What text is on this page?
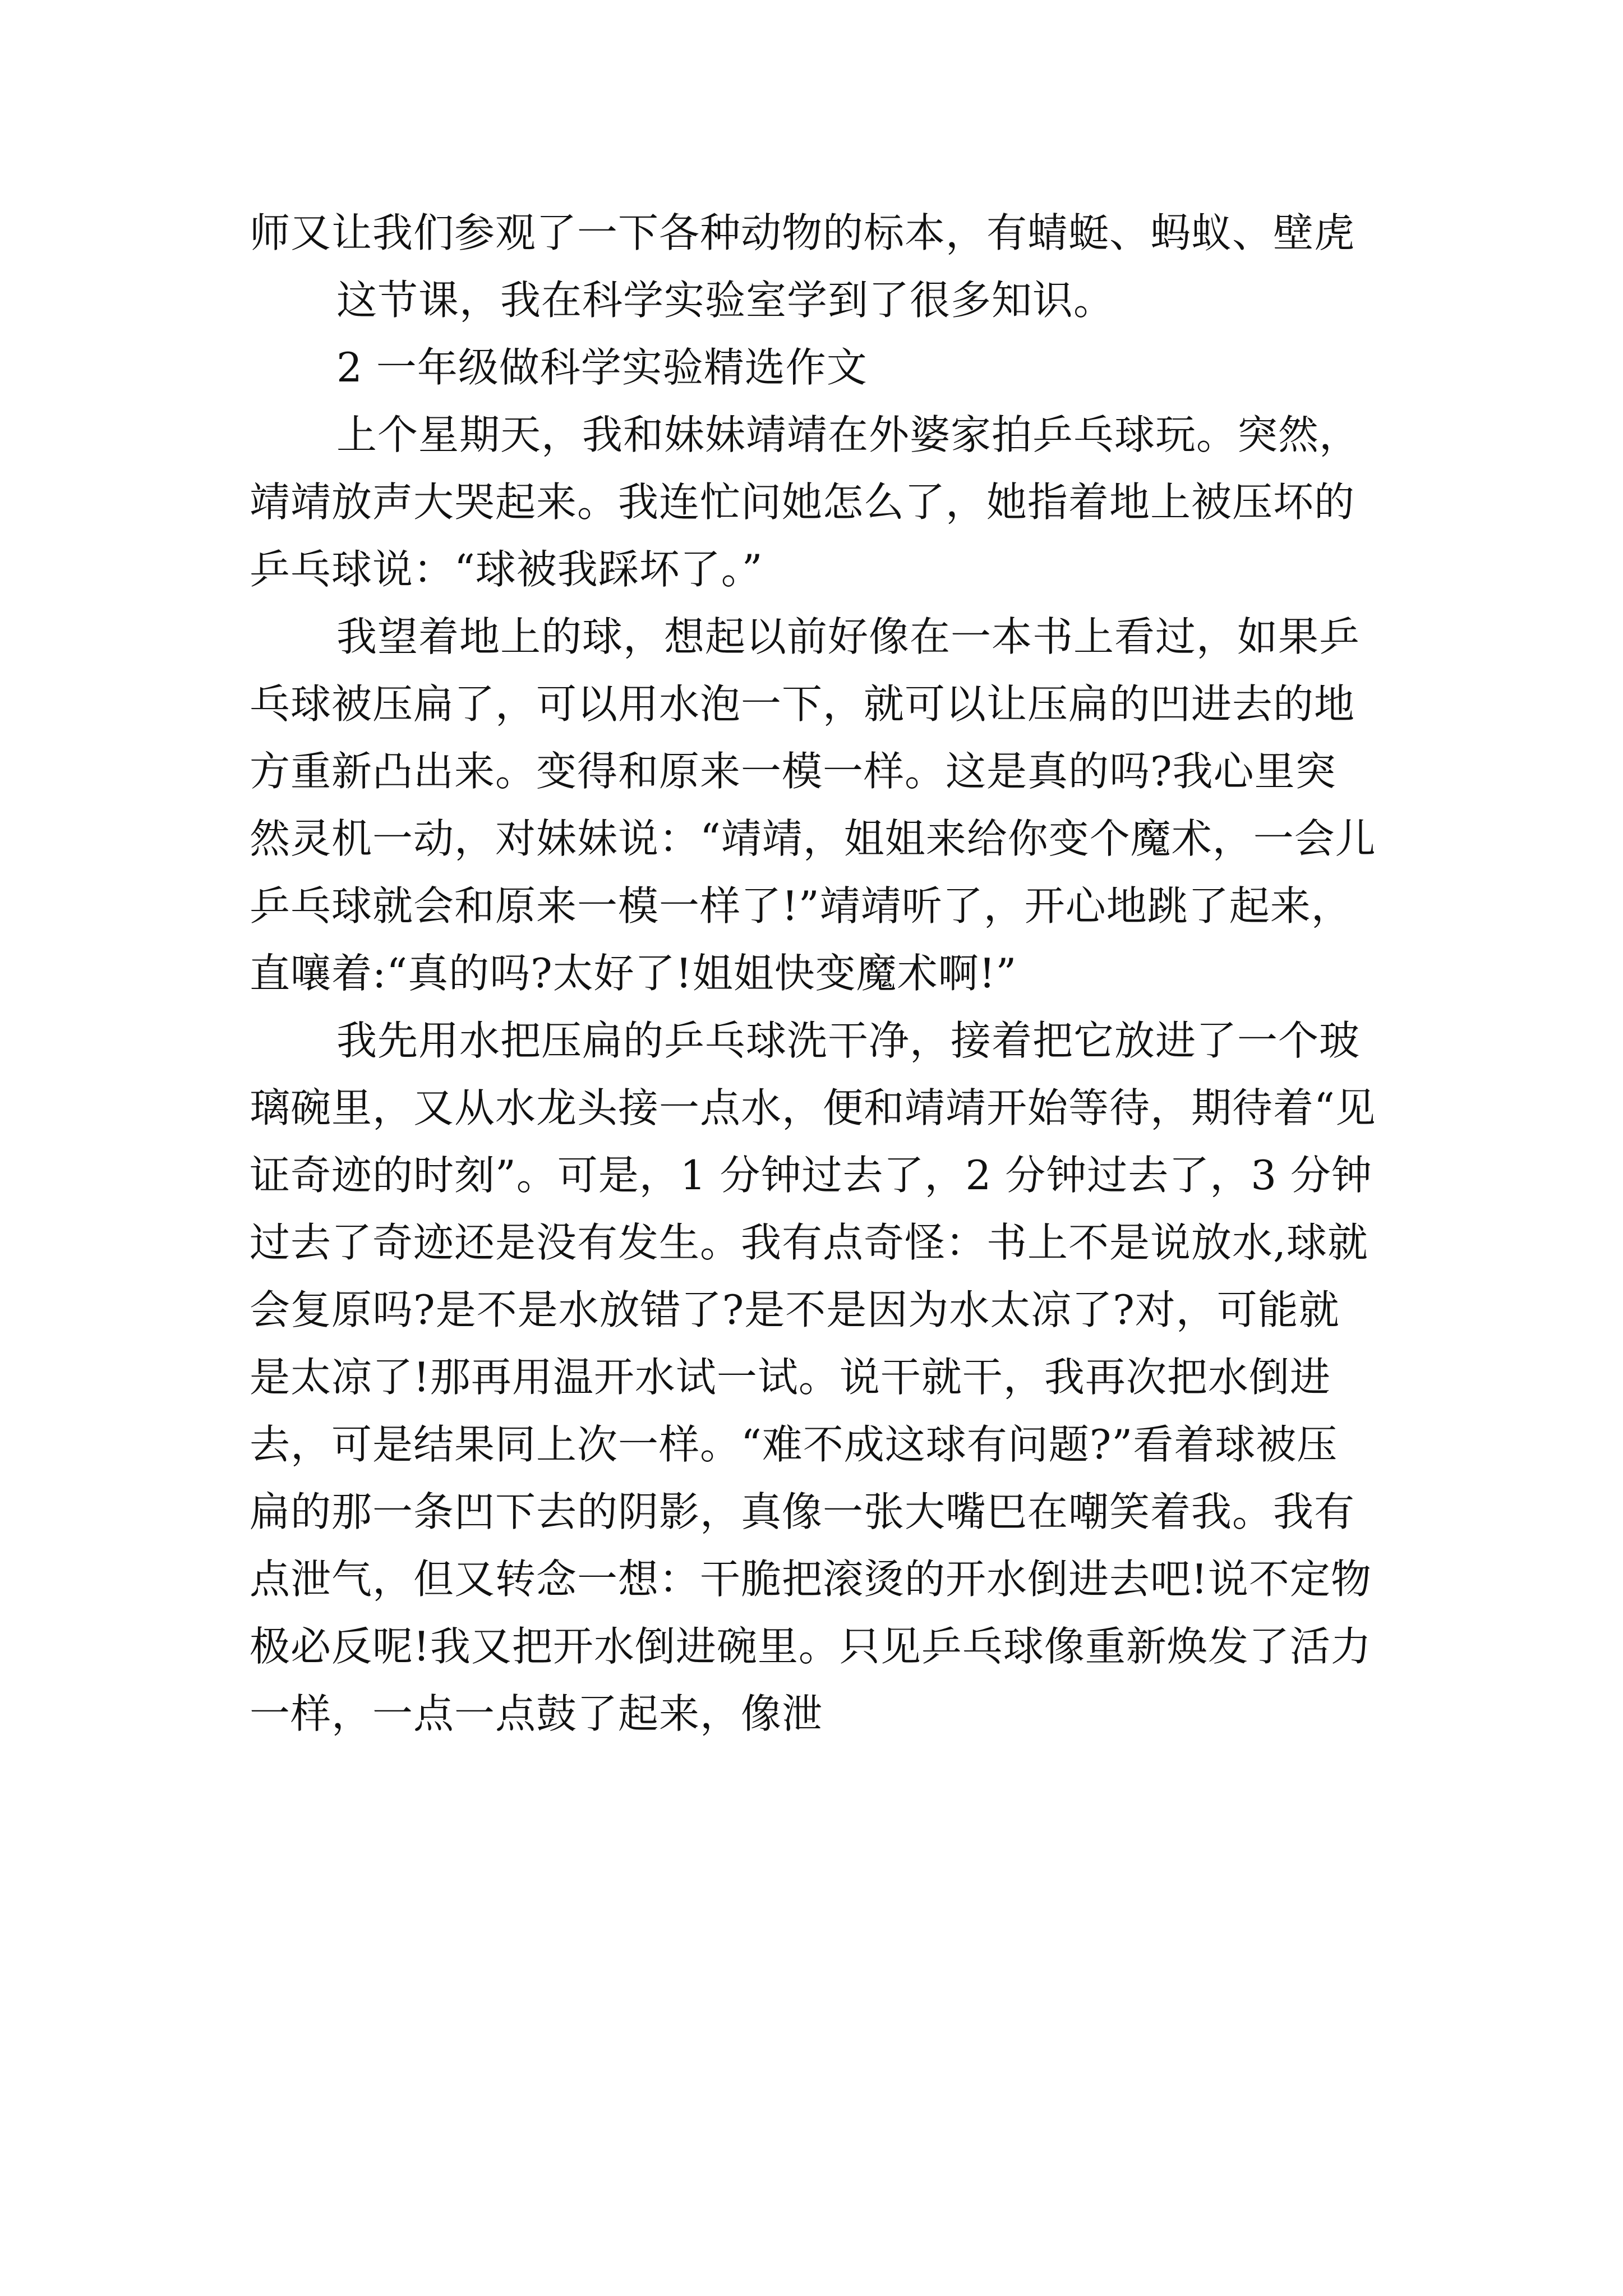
师又让我们参观了一下各种动物的标本，有蜻蜓、蚂蚁、壁虎

这节课，我在科学实验室学到了很多知识。

2 一年级做科学实验精选作文

上个星期天，我和妹妹靖靖在外婆家拍乒乓球玩。突然，靖靖放声大哭起来。我连忙问她怎么了，她指着地上被压坏的乒乓球说：“球被我踩坏了。”

我望着地上的球，想起以前好像在一本书上看过，如果乒乓球被压扁了，可以用水泡一下，就可以让压扁的凹进去的地方重新凸出来。变得和原来一模一样。这是真的吗?我心里突然灵机一动，对妹妹说：“靖靖，姐姐来给你变个魔术，一会儿乒乓球就会和原来一模一样了!”靖靖听了，开心地跳了起来，直嚷着:“真的吗?太好了!姐姐快变魔术啊!”

我先用水把压扁的乒乓球洗干净，接着把它放进了一个玻璃碗里，又从水龙头接一点水，便和靖靖开始等待，期待着“见证奇迹的时刻”。可是，1 分钟过去了，2 分钟过去了，3 分钟过去了奇迹还是没有发生。我有点奇怪：书上不是说放水,球就会复原吗?是不是水放错了?是不是因为水太凉了?对，可能就是太凉了!那再用温开水试一试。说干就干，我再次把水倒进去，可是结果同上次一样。“难不成这球有问题?”看着球被压扁的那一条凹下去的阴影，真像一张大嘴巴在嘲笑着我。我有点泄气，但又转念一想：干脆把滚烫的开水倒进去吧!说不定物极必反呢!我又把开水倒进碗里。只见乒乓球像重新焕发了活力一样，一点一点鼓了起来，像泄
